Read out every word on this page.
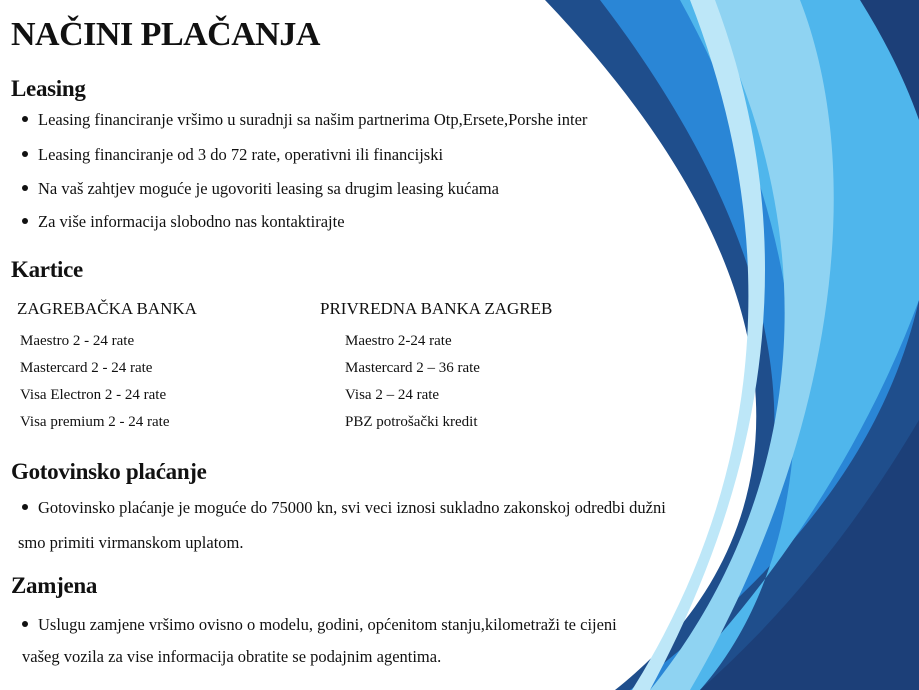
NAČINI PLAČANJA
Leasing
Leasing financiranje vršimo u suradnji sa našim partnerima Otp,Ersete,Porshe inter
Leasing financiranje od 3 do 72 rate, operativni ili financijski
Na vaš zahtjev moguće je ugovoriti leasing sa drugim leasing kućama
Za više informacija slobodno nas kontaktirajte
Kartice
ZAGREBAČKA BANKA	PRIVREDNA BANKA ZAGREB
Maestro 2 - 24 rate
Mastercard 2 - 24 rate
Visa Electron 2 - 24 rate
Visa premium 2 - 24 rate
Maestro 2-24 rate
Mastercard 2 – 36 rate
Visa 2 – 24 rate
PBZ potrošački kredit
Gotovinsko plaćanje
Gotovinsko plaćanje je moguće do 75000 kn, svi veci iznosi sukladno zakonskoj odredbi dužni
smo primiti virmanskom uplatom.
Zamjena
Uslugu zamjene vršimo ovisno o modelu, godini, općenitom stanju,kilometraži te cijeni
vašeg vozila za vise informacija obratite se podajnim agentima.
